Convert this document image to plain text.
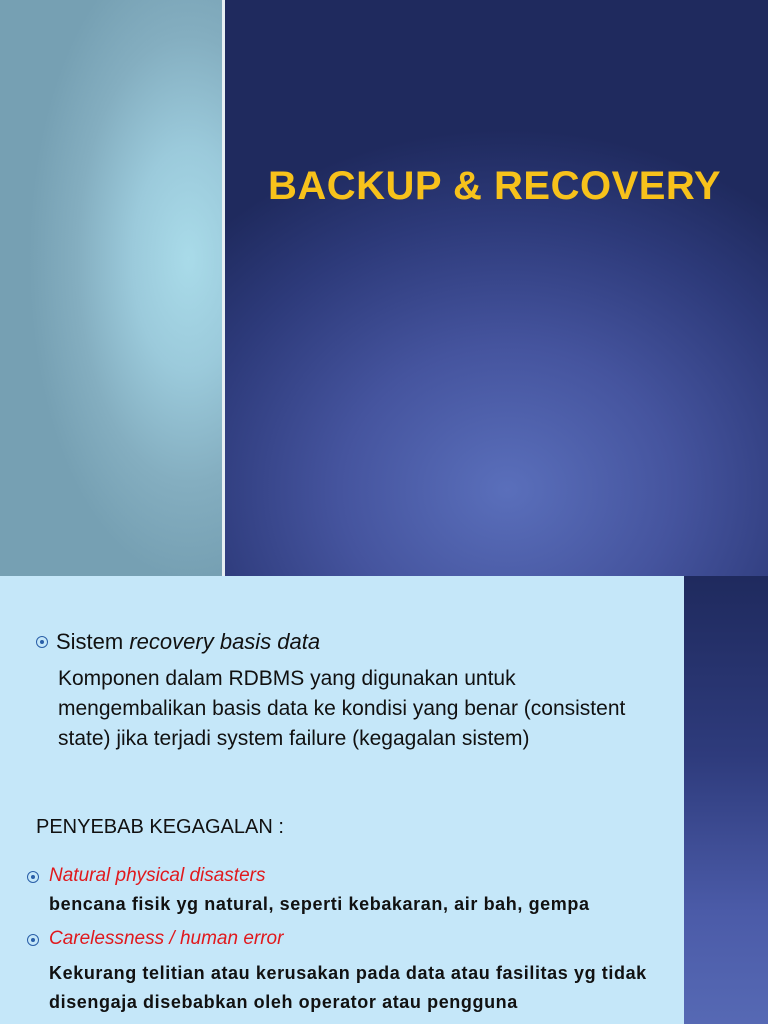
BACKUP & RECOVERY
Sistem recovery basis data
Komponen dalam RDBMS yang digunakan untuk mengembalikan basis data ke kondisi yang benar (consistent state) jika terjadi system failure (kegagalan sistem)
PENYEBAB KEGAGALAN :
Natural physical disasters
bencana fisik yg natural, seperti kebakaran, air bah, gempa
Carelessness / human error
Kekurang telitian atau kerusakan pada data atau fasilitas yg tidak disengaja disebabkan oleh operator atau pengguna
